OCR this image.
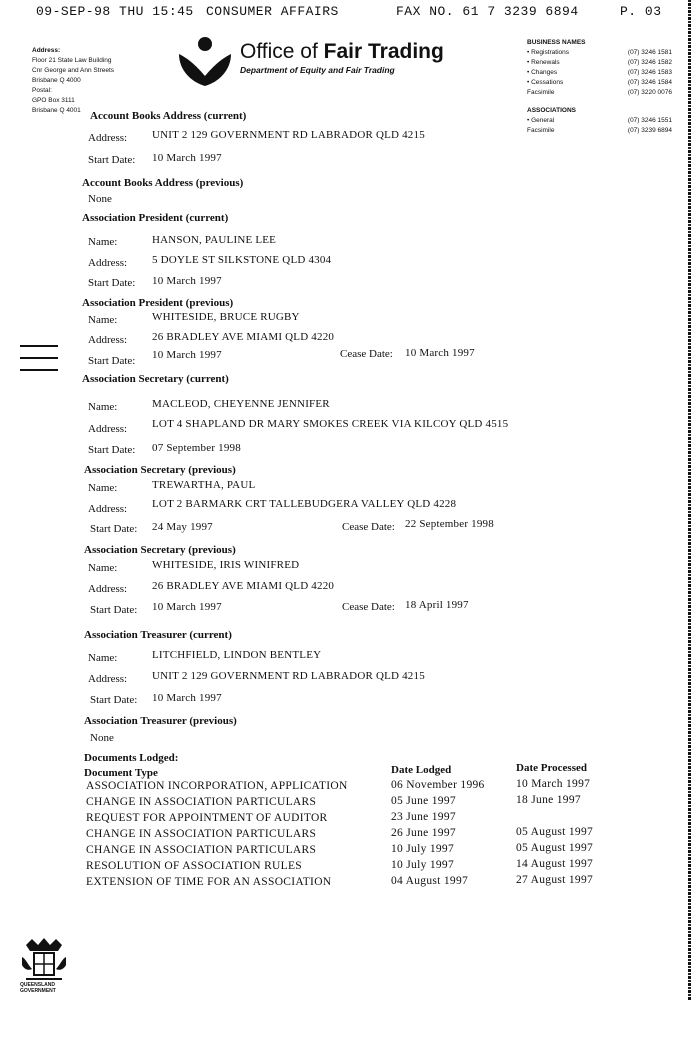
09-SEP-98 THU 15:45 CONSUMER AFFAIRS	FAX NO. 61 7 3239 6894	P. 03
Address:
Floor 21 State Law Building
Cnr George and Ann Streets
Brisbane Q 4000
Postal:
GPO Box 3111
Brisbane Q 4001
Office of Fair Trading
Department of Equity and Fair Trading
BUSINESS NAMES
• Registrations	(07) 3246 1581
• Renewals	(07) 3246 1582
• Changes	(07) 3246 1583
• Cessations	(07) 3246 1584
Facsimile	(07) 3220 0076
ASSOCIATIONS
• General	(07) 3246 1551
Facsimile	(07) 3239 6894
Account Books Address (current)
Address: UNIT 2 129 GOVERNMENT RD LABRADOR QLD 4215
Start Date: 10 March 1997
Account Books Address (previous)
None
Association President (current)
Name:	HANSON, PAULINE LEE
Address: 5 DOYLE ST SILKSTONE QLD 4304
Start Date: 10 March 1997
Association President (previous)
Name:	WHITESIDE, BRUCE RUGBY
Address: 26 BRADLEY AVE MIAMI QLD 4220
Start Date: 10 March 1997	Cease Date: 10 March 1997
Association Secretary (current)
Name:	MACLEOD, CHEYENNE JENNIFER
Address: LOT 4 SHAPLAND DR MARY SMOKES CREEK VIA KILCOY QLD 4515
Start Date: 07 September 1998
Association Secretary (previous)
Name:	TREWARTHA, PAUL
Address: LOT 2 BARMARK CRT TALLEBUDGERA VALLEY QLD 4228
Start Date: 24 May 1997	Cease Date: 22 September 1998
Association Secretary (previous)
Name:	WHITESIDE, IRIS WINIFRED
Address: 26 BRADLEY AVE MIAMI QLD 4220
Start Date: 10 March 1997	Cease Date: 18 April 1997
Association Treasurer (current)
Name:	LITCHFIELD, LINDON BENTLEY
Address: UNIT 2 129 GOVERNMENT RD LABRADOR QLD 4215
Start Date: 10 March 1997
Association Treasurer (previous)
None
Documents Lodged:
Document Type	Date Lodged	Date Processed
ASSOCIATION INCORPORATION, APPLICATION	06 November 1996	10 March 1997
CHANGE IN ASSOCIATION PARTICULARS	05 June 1997	18 June 1997
REQUEST FOR APPOINTMENT OF AUDITOR	23 June 1997
CHANGE IN ASSOCIATION PARTICULARS	26 June 1997	05 August 1997
CHANGE IN ASSOCIATION PARTICULARS	10 July 1997	05 August 1997
RESOLUTION OF ASSOCIATION RULES	10 July 1997	14 August 1997
EXTENSION OF TIME FOR AN ASSOCIATION	04 August 1997	27 August 1997
QUEENSLAND
GOVERNMENT
